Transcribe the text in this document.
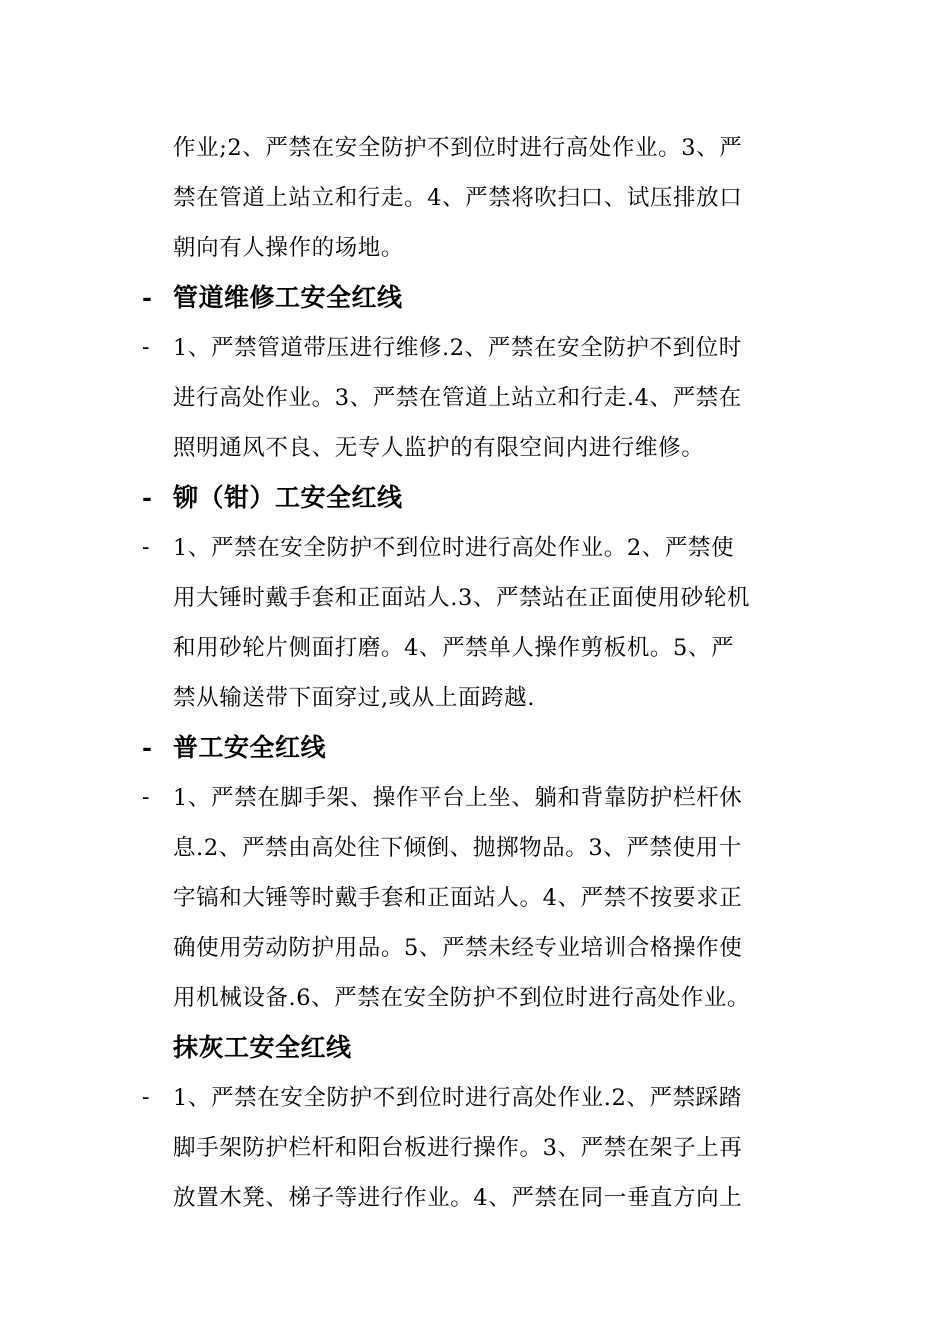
作业;2、严禁在安全防护不到位时进行高处作业。3、严
禁在管道上站立和行走。4、严禁将吹扫口、试压排放口
朝向有人操作的场地。
- 管道维修工安全红线
-	1、严禁管道带压进行维修.2、严禁在安全防护不到位时
进行高处作业。3、严禁在管道上站立和行走.4、严禁在
照明通风不良、无专人监护的有限空间内进行维修。
- 铆（钳）工安全红线
-	1、严禁在安全防护不到位时进行高处作业。2、严禁使
用大锤时戴手套和正面站人.3、严禁站在正面使用砂轮机
和用砂轮片侧面打磨。4、严禁单人操作剪板机。5、严
禁从输送带下面穿过,或从上面跨越.
- 普工安全红线
-	1、严禁在脚手架、操作平台上坐、躺和背靠防护栏杆休
息.2、严禁由高处往下倾倒、抛掷物品。3、严禁使用十
字镐和大锤等时戴手套和正面站人。4、严禁不按要求正
确使用劳动防护用品。5、严禁未经专业培训合格操作使
用机械设备.6、严禁在安全防护不到位时进行高处作业。
抹灰工安全红线
-	1、严禁在安全防护不到位时进行高处作业.2、严禁踩踏
脚手架防护栏杆和阳台板进行操作。3、严禁在架子上再
放置木凳、梯子等进行作业。4、严禁在同一垂直方向上
